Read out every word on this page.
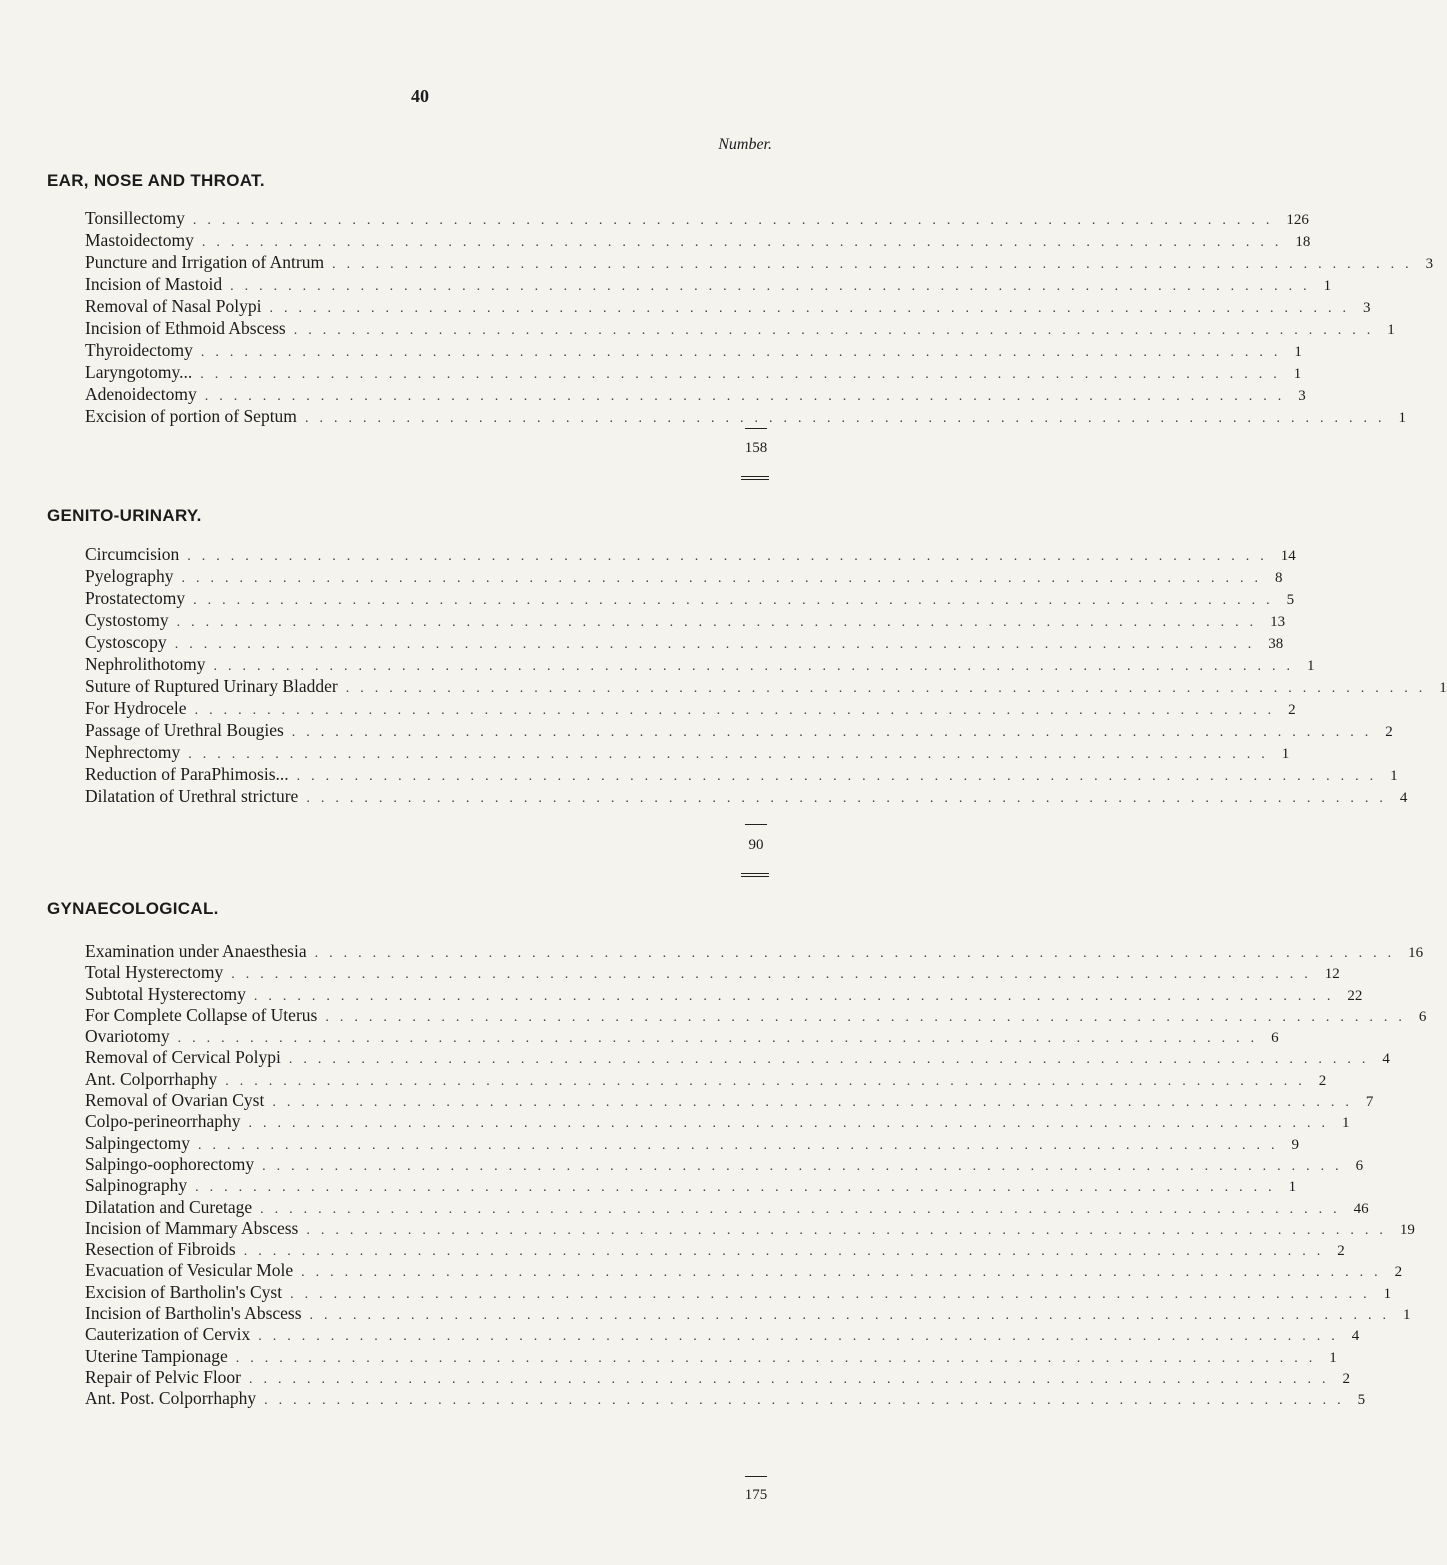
40
Number.
EAR, NOSE AND THROAT.
Tonsillectomy ........................................................................... 126
Mastoidectomy ........................................................................... 18
Puncture and Irrigation of Antrum ........................................................................... 3
Incision of Mastoid ........................................................................... 1
Removal of Nasal Polypi ........................................................................... 3
Incision of Ethmoid Abscess ........................................................................... 1
Thyroidectomy ........................................................................... 1
Laryngotomy... ........................................................................... 1
Adenoidectomy ........................................................................... 3
Excision of portion of Septum ........................................................................... 1
GENITO-URINARY.
Circumcision ........................................................................... 14
Pyelography ........................................................................... 8
Prostatectomy ........................................................................... 5
Cystostomy ........................................................................... 13
Cystoscopy ........................................................................... 38
Nephrolithotomy ........................................................................... 1
Suture of Ruptured Urinary Bladder ........................................................................... 1
For Hydrocele ........................................................................... 2
Passage of Urethral Bougies ........................................................................... 2
Nephrectomy ........................................................................... 1
Reduction of ParaPhimosis... ........................................................................... 1
Dilatation of Urethral stricture ........................................................................... 4
GYNAECOLOGICAL.
Examination under Anaesthesia ........................................................................... 16
Total Hysterectomy ........................................................................... 12
Subtotal Hysterectomy ........................................................................... 22
For Complete Collapse of Uterus ........................................................................... 6
Ovariotomy ........................................................................... 6
Removal of Cervical Polypi ........................................................................... 4
Ant. Colporrhaphy ........................................................................... 2
Removal of Ovarian Cyst ........................................................................... 7
Colpo-perineorrhaphy ........................................................................... 1
Salpingectomy ........................................................................... 9
Salpingo-oophorectomy ........................................................................... 6
Salpinography ........................................................................... 1
Dilatation and Curetage ........................................................................... 46
Incision of Mammary Abscess ........................................................................... 19
Resection of Fibroids ........................................................................... 2
Evacuation of Vesicular Mole ........................................................................... 2
Excision of Bartholin's Cyst ........................................................................... 1
Incision of Bartholin's Abscess ........................................................................... 1
Cauterization of Cervix ........................................................................... 4
Uterine Tampionage ........................................................................... 1
Repair of Pelvic Floor ........................................................................... 2
Ant. Post. Colporrhaphy ........................................................................... 5
158
90
175
